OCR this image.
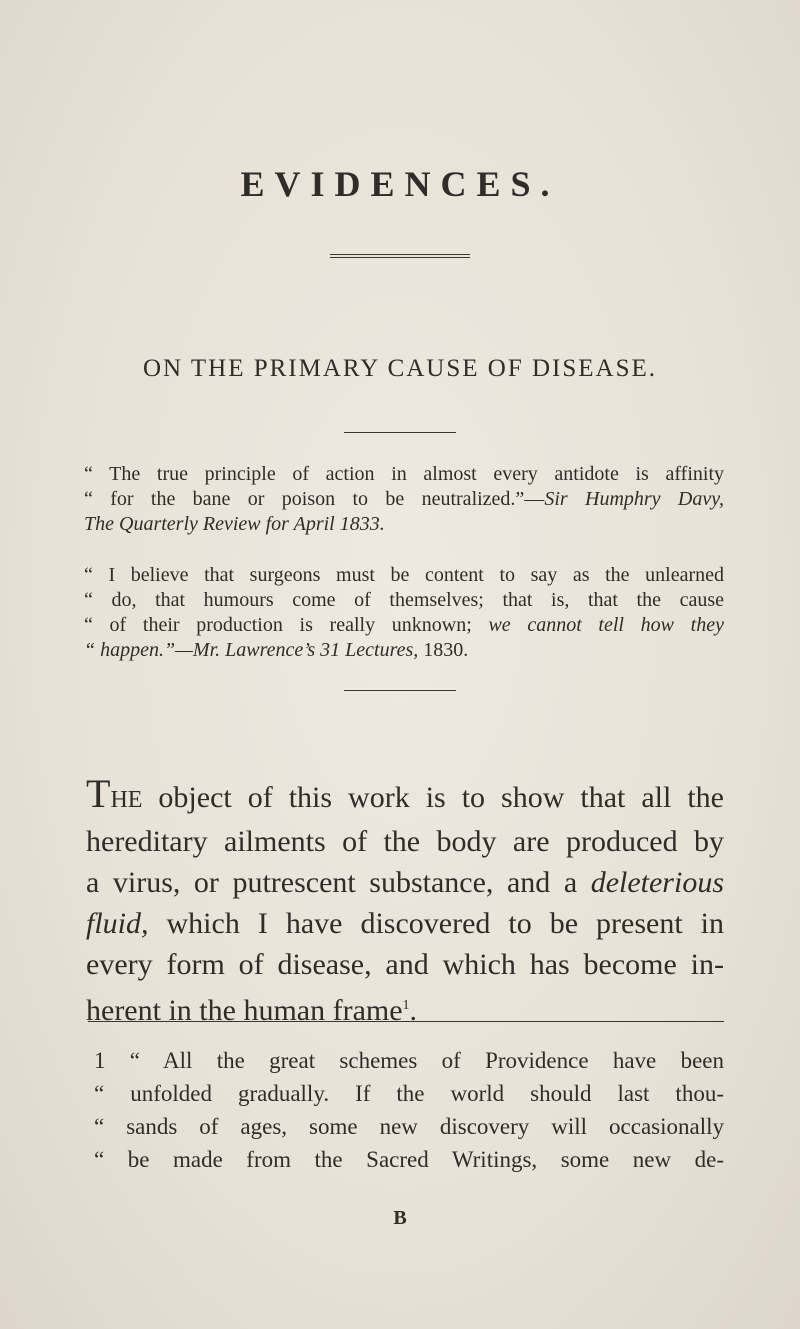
EVIDENCES.
ON THE PRIMARY CAUSE OF DISEASE.
“ The true principle of action in almost every antidote is affinity
“ for the bane or poison to be neutralized.”—Sir Humphry Davy,
The Quarterly Review for April 1833.
“ I believe that surgeons must be content to say as the unlearned
“ do, that humours come of themselves; that is, that the cause
“ of their production is really unknown; we cannot tell how they
“ happen.”—Mr. Lawrence’s 31 Lectures, 1830.
THE object of this work is to show that all the
hereditary ailments of the body are produced by
a virus, or putrescent substance, and a deleterious
fluid, which I have discovered to be present in
every form of disease, and which has become in-
herent in the human frame$^1$.
1 “ All the great schemes of Providence have been
“ unfolded gradually. If the world should last thou-
“ sands of ages, some new discovery will occasionally
“ be made from the Sacred Writings, some new de-
B
